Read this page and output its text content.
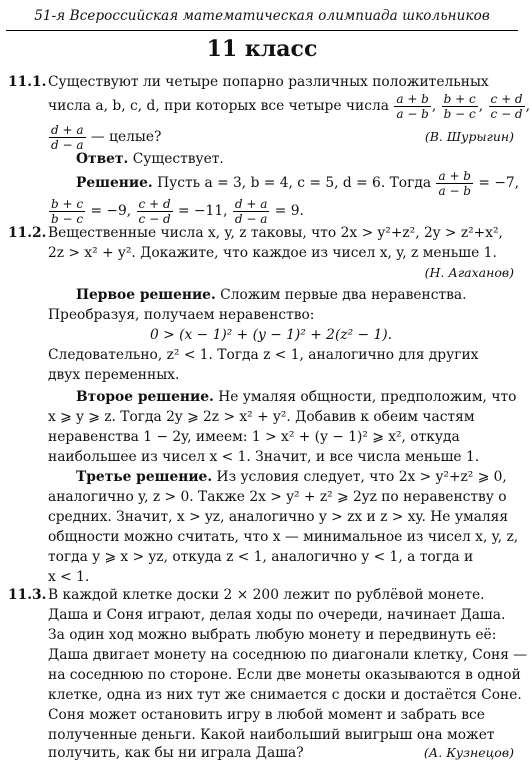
51-я Всероссийская математическая олимпиада школьников
11 класс
11.1. Существуют ли четыре попарно различных положительных
числа a, b, c, d, при которых все четыре числа $\frac{a + b}{a - b}$ , $\frac{b + c}{b - c}$ , $\frac{c + d}{c - d}$ ,
$\frac{d + a}{d - a}$ — целые?	(В. Шурыгин)
Ответ. Существует.
Решение. Пусть a = 3, b = 4, c = 5, d = 6. Тогда $\frac{a + b}{a - b} = -7$,
$\frac{b + c}{b - c} = -9$, $\frac{c + d}{c - d} = -11$, $\frac{d + a}{d - a} = 9$.
11.2. Вещественные числа x, y, z таковы, что 2x > y²+z², 2y > z²+x²,
2z > x² + y². Докажите, что каждое из чисел x, y, z меньше 1.
(Н. Агаханов)
Первое решение. Сложим первые два неравенства.
Преобразуя, получаем неравенство:
0 > (x − 1)² + (y − 1)² + 2(z² − 1).
Следовательно, z² < 1. Тогда z < 1, аналогично для других
двух переменных.
Второе решение. Не умаляя общности, предположим, что
x ⩾ y ⩾ z. Тогда 2y ⩾ 2z > x² + y². Добавив к обеим частям
неравенства 1 − 2y, имеем: 1 > x² + (y − 1)² ⩾ x², откуда
наибольшее из чисел x < 1. Значит, и все числа меньше 1.
Третье решение. Из условия следует, что 2x > y²+z² ⩾ 0,
аналогично y, z > 0. Также 2x > y² + z² ⩾ 2yz по неравенству о
средних. Значит, x > yz, аналогично y > zx и z > xy. Не умаляя
общности можно считать, что x — минимальное из чисел x, y, z,
тогда y ⩾ x > yz, откуда z < 1, аналогично y < 1, а тогда и
x < 1.
11.3. В каждой клетке доски 2 × 200 лежит по рублёвой монете.
Даша и Соня играют, делая ходы по очереди, начинает Даша.
За один ход можно выбрать любую монету и передвинуть её:
Даша двигает монету на соседнюю по диагонали клетку, Соня —
на соседнюю по стороне. Если две монеты оказываются в одной
клетке, одна из них тут же снимается с доски и достаётся Соне.
Соня может остановить игру в любой момент и забрать все
полученные деньги. Какой наибольший выигрыш она может
получить, как бы ни играла Даша?	(А. Кузнецов)
